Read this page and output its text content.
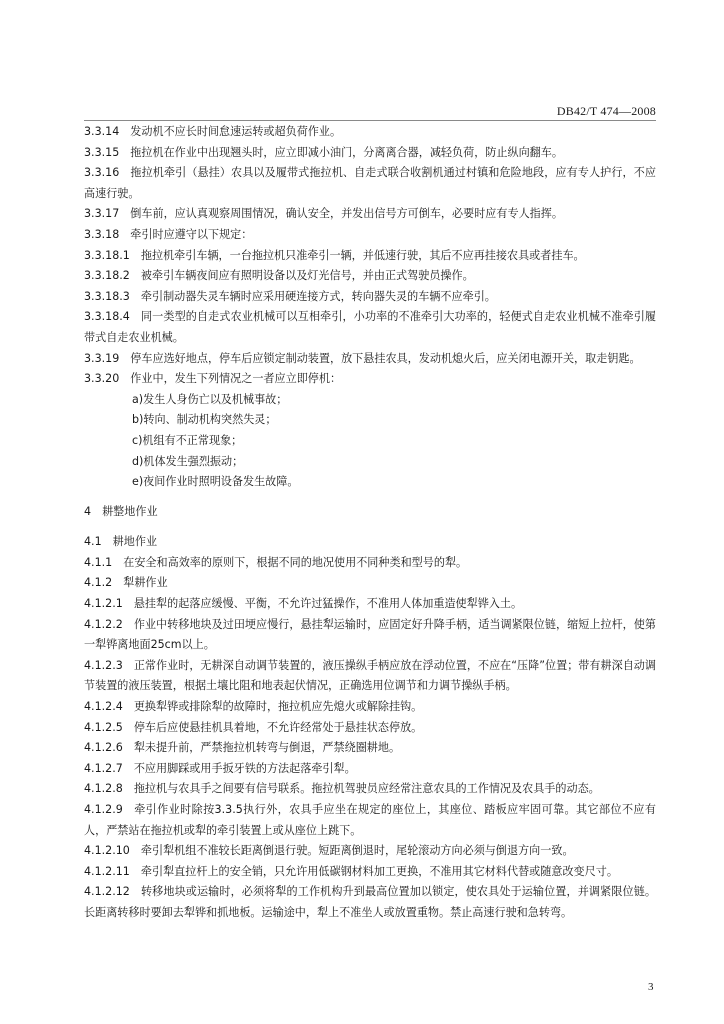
DB42/T 474—2008

3.3.14 发动机不应长时间怠速运转或超负荷作业。

3.3.15 拖拉机在作业中出现翘头时，应立即减小油门，分离离合器，减轻负荷，防止纵向翻车。

3.3.16 拖拉机牵引（悬挂）农具以及履带式拖拉机、自走式联合收割机通过村镇和危险地段，应有专人护行，不应高速行驶。

3.3.17 倒车前，应认真观察周围情况，确认安全，并发出信号方可倒车，必要时应有专人指挥。

3.3.18 牵引时应遵守以下规定：

3.3.18.1 拖拉机牵引车辆，一台拖拉机只准牵引一辆，并低速行驶，其后不应再挂接农具或者挂车。

3.3.18.2 被牵引车辆夜间应有照明设备以及灯光信号，并由正式驾驶员操作。

3.3.18.3 牵引制动器失灵车辆时应采用硬连接方式，转向器失灵的车辆不应牵引。

3.3.18.4 同一类型的自走式农业机械可以互相牵引，小功率的不准牵引大功率的，轻便式自走农业机械不准牵引履带式自走农业机械。

3.3.19 停车应选好地点，停车后应锁定制动装置，放下悬挂农具，发动机熄火后，应关闭电源开关，取走钥匙。

3.3.20 作业中，发生下列情况之一者应立即停机：

a)发生人身伤亡以及机械事故；

b)转向、制动机构突然失灵；

c)机组有不正常现象；

d)机体发生强烈振动；

e)夜间作业时照明设备发生故障。

4 耕整地作业

4.1 耕地作业

4.1.1 在安全和高效率的原则下，根据不同的地况使用不同种类和型号的犁。

4.1.2 犁耕作业

4.1.2.1 悬挂犁的起落应缓慢、平衡，不允许过猛操作，不准用人体加重造使犁铧入土。

4.1.2.2 作业中转移地块及过田埂应慢行，悬挂犁运输时，应固定好升降手柄，适当调紧限位链，缩短上拉杆，使第一犁铧离地面25cm以上。

4.1.2.3 正常作业时，无耕深自动调节装置的，液压操纵手柄应放在浮动位置，不应在“压降”位置；带有耕深自动调节装置的液压装置，根据土壤比阻和地表起伏情况，正确选用位调节和力调节操纵手柄。

4.1.2.4 更换犁铧或排除犁的故障时，拖拉机应先熄火或解除挂钩。

4.1.2.5 停车后应使悬挂机具着地，不允许经常处于悬挂状态停放。

4.1.2.6 犁未提升前，严禁拖拉机转弯与倒退，严禁绕圈耕地。

4.1.2.7 不应用脚踩或用手扳牙铁的方法起落牵引犁。

4.1.2.8 拖拉机与农具手之间要有信号联系。拖拉机驾驶员应经常注意农具的工作情况及农具手的动态。

4.1.2.9 牵引作业时除按3.3.5执行外，农具手应坐在规定的座位上，其座位、踏板应牢固可靠。其它部位不应有人，严禁站在拖拉机或犁的牵引装置上或从座位上跳下。

4.1.2.10 牵引犁机组不准较长距离倒退行驶。短距离倒退时，尾轮滚动方向必须与倒退方向一致。

4.1.2.11 牵引犁直拉杆上的安全销，只允许用低碳钢材料加工更换，不准用其它材料代替或随意改变尺寸。

4.1.2.12 转移地块或运输时，必须将犁的工作机构升到最高位置加以锁定，使农具处于运输位置，并调紧限位链。长距离转移时要卸去犁铧和抓地板。运输途中，犁上不准坐人或放置重物。禁止高速行驶和急转弯。

3
